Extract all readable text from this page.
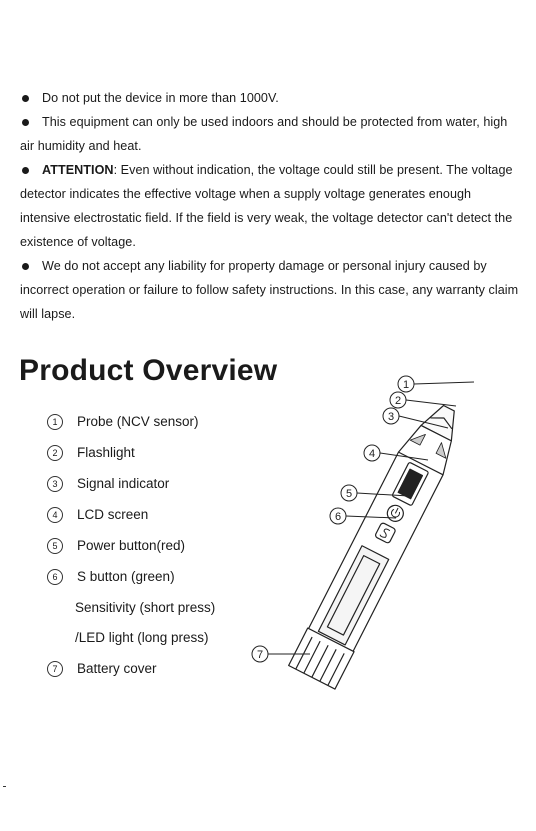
Do not put the device in more than 1000V.

This equipment can only be used indoors and should be protected from water, high air humidity and heat.

ATTENTION: Even without indication, the voltage could still be present. The voltage detector indicates the effective voltage when a supply voltage generates enough intensive electrostatic field. If the field is very weak, the voltage detector can't detect the existence of voltage.

We do not accept any liability for property damage or personal injury caused by incorrect operation or failure to follow safety instructions. In this case, any warranty claim will lapse.

Product Overview
1	Probe (NCV sensor)
2	Flashlight
3	Signal indicator
4	LCD screen
5	Power button(red)
6	S button (green)
Sensitivity (short press)
/LED light (long press)
7	Battery cover
1
2
3
4
5
6
7
